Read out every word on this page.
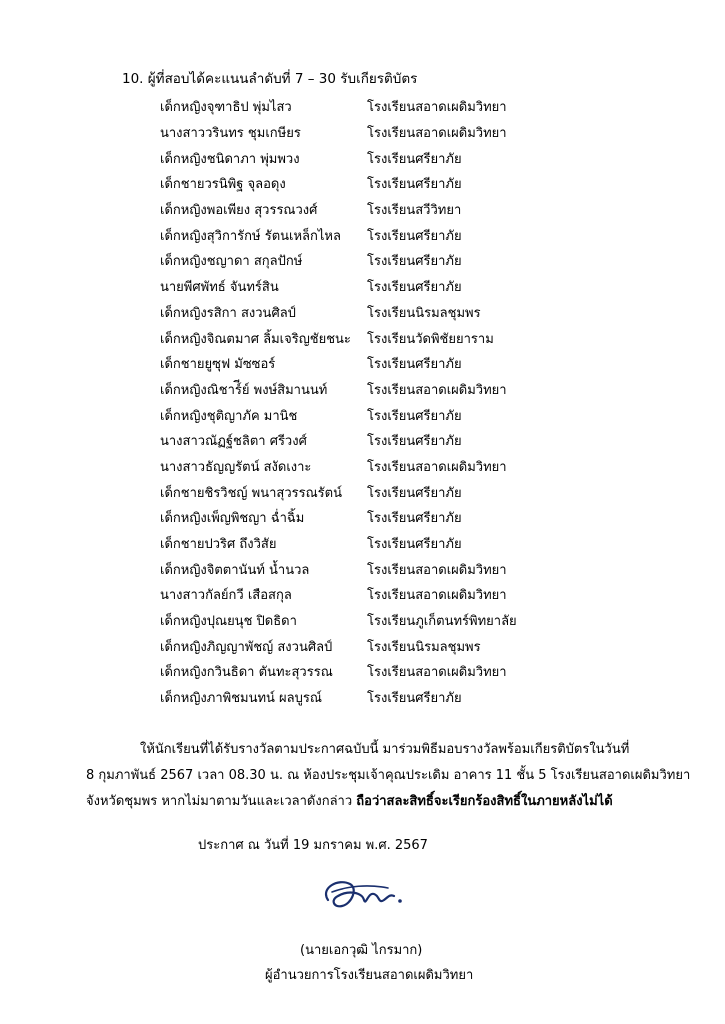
10. ผู้ที่สอบได้คะแนนลำดับที่ 7 – 30 รับเกียรติบัตร
เด็กหญิงจุฑาธิป พุ่มไสว	โรงเรียนสอาดเผดิมวิทยา
นางสาววรินทร ชุมเกษียร	โรงเรียนสอาดเผดิมวิทยา
เด็กหญิงชนิดาภา พุ่มพวง	โรงเรียนศรียาภัย
เด็กชายวรนิพิฐ จุลอดุง	โรงเรียนศรียาภัย
เด็กหญิงพอเพียง สุวรรณวงศ์	โรงเรียนสวีวิทยา
เด็กหญิงสุวิการักษ์ รัตนเหล็กไหล	โรงเรียนศรียาภัย
เด็กหญิงชญาดา สกุลปักษ์	โรงเรียนศรียาภัย
นายพีศพัทธ์ จันทร์สิน	โรงเรียนศรียาภัย
เด็กหญิงรสิกา สงวนศิลป์	โรงเรียนนิรมลชุมพร
เด็กหญิงจิณตมาศ ลิ้มเจริญชัยชนะ	โรงเรียนวัดพิชัยยาราม
เด็กชายยูซุฟ มัซซอร์	โรงเรียนศรียาภัย
เด็กหญิงณิชาร์ีย์ พงษ์สิมานนท์	โรงเรียนสอาดเผดิมวิทยา
เด็กหญิงชุติญาภัค มานิช	โรงเรียนศรียาภัย
นางสาวณัฏฐ์ชลิตา ศรีวงศ์	โรงเรียนศรียาภัย
นางสาวธัญญรัตน์ สงัดเงาะ	โรงเรียนสอาดเผดิมวิทยา
เด็กชายชิรวิชญ์ พนาสุวรรณรัตน์	โรงเรียนศรียาภัย
เด็กหญิงเพ็ญพิชญา ฉ่ำฉิ้ม	โรงเรียนศรียาภัย
เด็กชายปวริศ ถึงวิสัย	โรงเรียนศรียาภัย
เด็กหญิงจิตตานันท์ น้ำนวล	โรงเรียนสอาดเผดิมวิทยา
นางสาวกัลย์กวี เสือสกุล	โรงเรียนสอาดเผดิมวิทยา
เด็กหญิงปุณยนุช ปิดธิดา	โรงเรียนภูเก็ตนทร์พิทยาลัย
เด็กหญิงภิญญาพัชญ์ สงวนศิลป์	โรงเรียนนิรมลชุมพร
เด็กหญิงกวินธิดา ตันทะสุวรรณ	โรงเรียนสอาดเผดิมวิทยา
เด็กหญิงภาพิชมนทน์ ผลบูรณ์	โรงเรียนศรียาภัย
ให้นักเรียนที่ได้รับรางวัลตามประกาศฉบับนี้ มาร่วมพิธีมอบรางวัลพร้อมเกียรติบัตรในวันที่
8 กุมภาพันธ์ 2567 เวลา 08.30 น. ณ ห้องประชุมเจ้าคุณประเดิม อาคาร 11 ชั้น 5 โรงเรียนสอาดเผดิมวิทยา
จังหวัดชุมพร หากไม่มาตามวันและเวลาดังกล่าว ถือว่าสละสิทธิ์จะเรียกร้องสิทธิ์ในภายหลังไม่ได้
ประกาศ ณ วันที่ 19 มกราคม พ.ศ. 2567
(นายเอกวุฒิ ไกรมาก)
ผู้อำนวยการโรงเรียนสอาดเผดิมวิทยา
